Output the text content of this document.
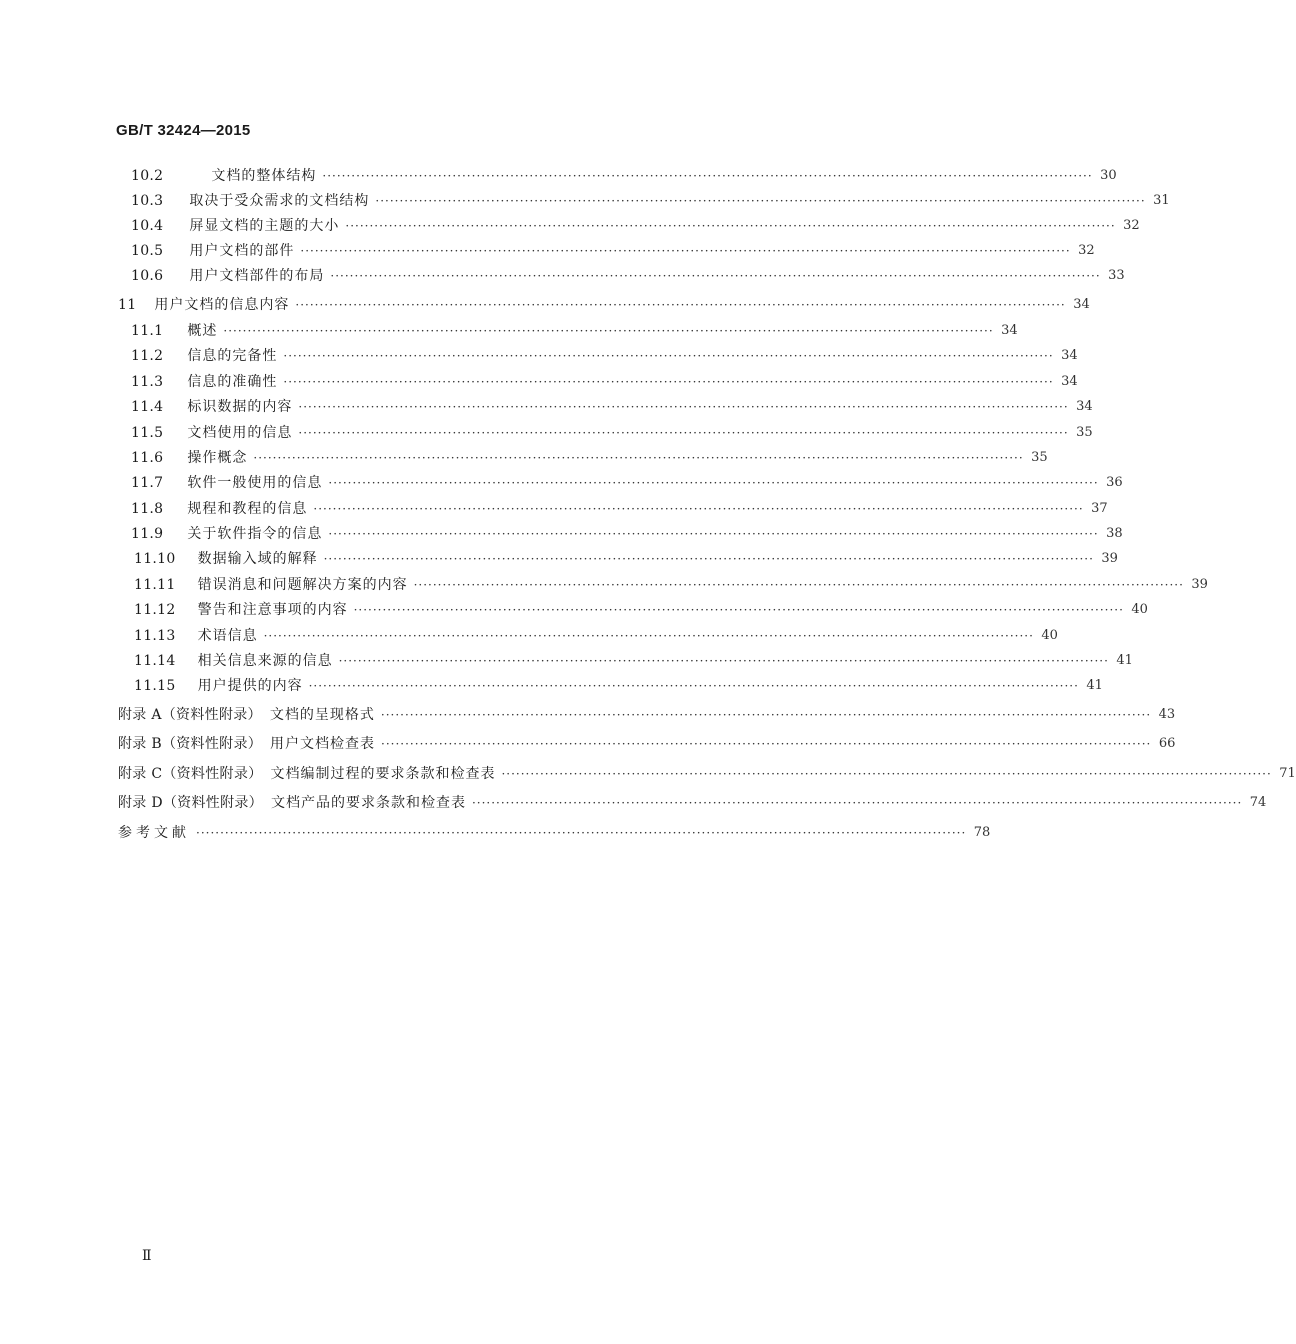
GB/T 32424—2015
10.2	文档的整体结构 ································································································································································ 30
10.3 取决于受众需求的文档结构 ································································································································································ 31
10.4 屏显文档的主题的大小 ································································································································································ 32
10.5 用户文档的部件 ································································································································································ 32
10.6 用户文档部件的布局 ································································································································································ 33
11 用户文档的信息内容 ································································································································································ 34
11.1 概述 ································································································································································ 34
11.2 信息的完备性 ································································································································································ 34
11.3 信息的准确性 ································································································································································ 34
11.4 标识数据的内容 ································································································································································ 34
11.5 文档使用的信息 ································································································································································ 35
11.6 操作概念 ································································································································································ 35
11.7 软件一般使用的信息 ································································································································································ 36
11.8 规程和教程的信息 ································································································································································ 37
11.9 关于软件指令的信息 ································································································································································ 38
11.10 数据输入域的解释 ································································································································································ 39
11.11 错误消息和问题解决方案的内容 ································································································································································ 39
11.12 警告和注意事项的内容 ································································································································································ 40
11.13 术语信息 ································································································································································ 40
11.14 相关信息来源的信息 ································································································································································ 41
11.15 用户提供的内容 ································································································································································ 41
附录 A（资料性附录） 文档的呈现格式 ································································································································································ 43
附录 B（资料性附录） 用户文档检查表 ································································································································································ 66
附录 C（资料性附录） 文档编制过程的要求条款和检查表 ································································································································································ 71
附录 D（资料性附录） 文档产品的要求条款和检查表 ································································································································································ 74
参考文献 ································································································································································ 78
Ⅱ
